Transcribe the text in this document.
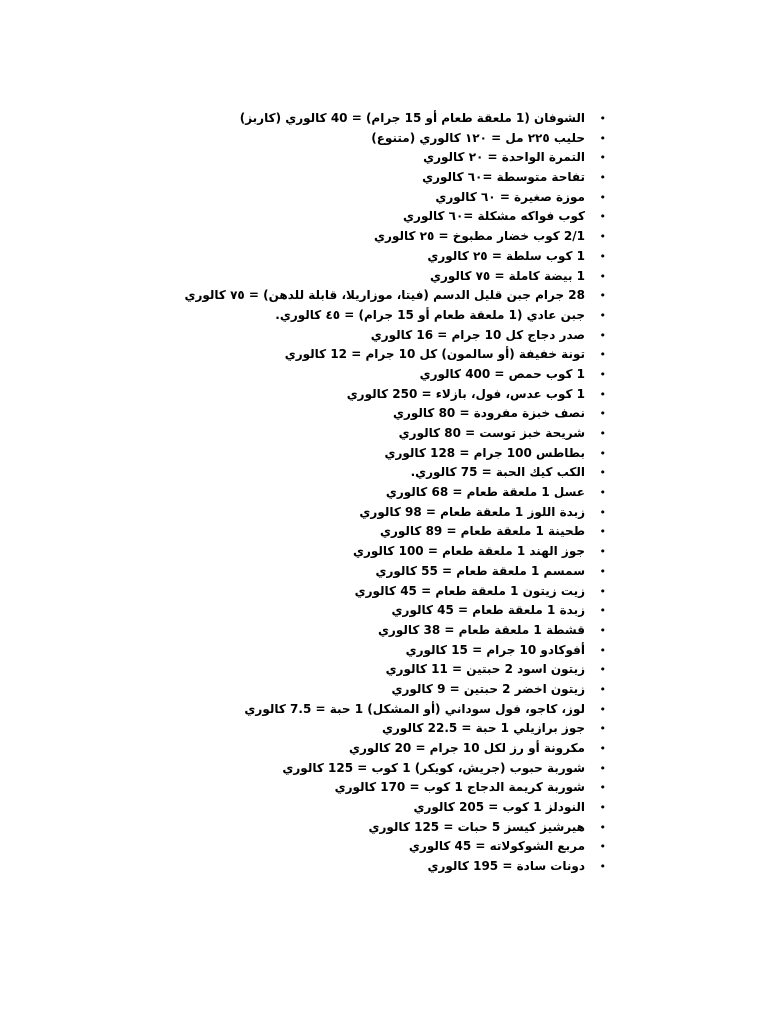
•
الشوفان (1 ملعقة طعام أو 15 جرام) = 40 كالوري (كاربز)
•
حليب ٢٢٥ مل = ١٢٠ كالوري (متنوع)
•
التمرة الواحدة = ٢٠ كالوري
•
تفاحة متوسطة =٦٠ كالوري
•
موزة صغيرة = ٦٠ كالوري
•
كوب فواكه مشكلة =٦٠ كالوري
•
2/1 كوب خضار مطبوخ = ٢٥ كالوري
•
1 كوب سلطة = ٢٥ كالوري
•
1 بيضة كاملة = ٧٥ كالوري
•
28 جرام جبن قليل الدسم (فيتا، موزاريلا، قابلة للدهن) = ٧٥ كالوري
•
جبن عادي (1 ملعقة طعام أو 15 جرام) = ٤٥ كالوري.
•
صدر دجاج كل 10 جرام = 16 كالوري
•
تونة خفيفة (أو سالمون) كل 10 جرام = 12 كالوري
•
1 كوب حمص = 400 كالوري
•
1 كوب عدس، فول، بازلاء = 250 كالوري
•
نصف خبزة مفرودة = 80 كالوري
•
شريحة خبز توست = 80 كالوري
•
بطاطس 100 جرام = 128 كالوري
•
الكب كيك الحبة = 75 كالوري.
•
عسل 1 ملعقة طعام = 68 كالوري
•
زبدة اللوز 1 ملعقة طعام = 98 كالوري
•
طحينة 1 ملعقة طعام = 89 كالوري
•
جوز الهند 1 ملعقة طعام = 100 كالوري
•
سمسم 1 ملعقة طعام = 55 كالوري
•
زيت زيتون 1 ملعقة طعام = 45 كالوري
•
زبدة 1 ملعقة طعام = 45 كالوري
•
قشطة 1 ملعقة طعام = 38 كالوري
•
أفوكادو 10 جرام = 15 كالوري
•
زيتون اسود 2 حبتين = 11 كالوري
•
زيتون اخضر 2 حبتين = 9 كالوري
•
لوز، كاجو، فول سوداني (أو المشكل) 1 حبة = 7.5 كالوري
•
جوز برازيلي 1 حبة = 22.5 كالوري
•
مكرونة أو رز لكل 10 جرام = 20 كالوري
•
شوربة حبوب (جريش، كويكر) 1 كوب = 125 كالوري
•
شوربة كريمة الدجاج 1 كوب = 170 كالوري
•
النودلز 1 كوب = 205 كالوري
•
هيرشيز كيسز 5 حبات = 125 كالوري
•
مربع الشوكولاته = 45 كالوري
•
دونات سادة = 195 كالوري
